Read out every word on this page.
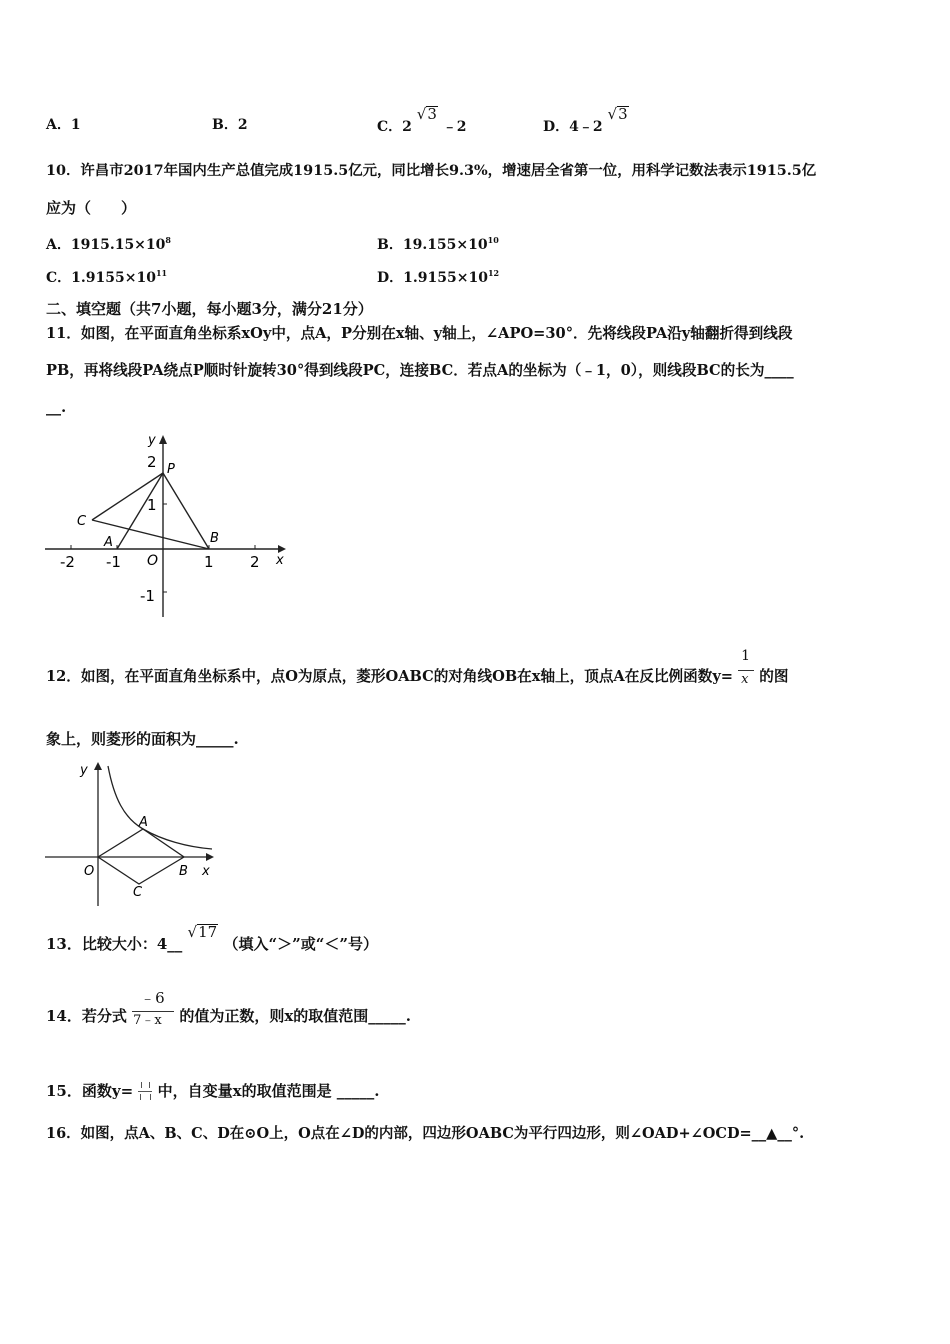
A．1	B．2	C．2 √3 ﹣2	D．4﹣2 √3
10．许昌市2017年国内生产总值完成1915.5亿元，同比增长9.3%，增速居全省第一位，用科学记数法表示1915.5亿
应为（　　）
A．$1915.15\times 10^8$	B．$19.155\times 10^{10}$
C．$1.9155\times 10^{11}$	D．$1.9155\times 10^{12}$
二、填空题（共7小题，每小题3分，满分21分）
11．如图，在平面直角坐标系xOy中，点A，P分别在x轴、y轴上，∠APO=30°．先将线段PA沿y轴翻折得到线段
PB，再将线段PA绕点P顺时针旋转30°得到线段PC，连接BC．若点A的坐标为（﹣1，0），则线段BC的长为____
__.
y
x
P
C
A	B
O
2
1
-1
-2 -1	1 2
12．如图，在平面直角坐标系中，点O为原点，菱形OABC的对角线OB在x轴上，顶点A在反比例函数$y= \frac{1}{x}$ 的图
象上，则菱形的面积为_____.
y
x
A
B
C
O
13．比较大小：4__ √17 （填入“＞”或“＜”号）
14．若分式 $\frac{﹣6}{7﹣x}$ 的值为正数，则x的取值范围_____.
15．函数y= 中，自变量x的取值范围是 _____.
16．如图，点A、B、C、D在⊙O上，O点在∠D的内部，四边形OABC为平行四边形，则∠OAD+∠OCD=__▲__°.
